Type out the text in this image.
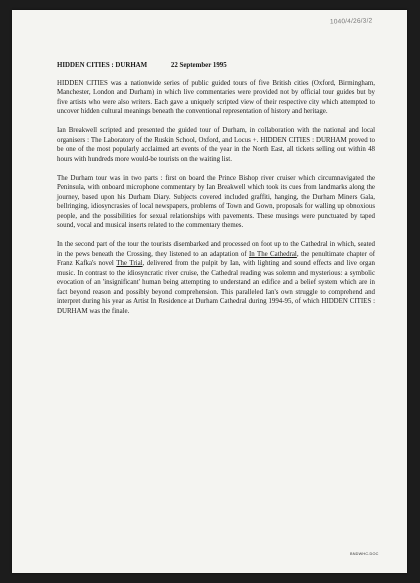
1040/4/26/3/2
HIDDEN CITIES : DURHAM	22 September 1995

HIDDEN CITIES was a nationwide series of public guided tours of five British cities (Oxford, Birmingham, Manchester, London and Durham) in which live commentaries were provided not by official tour guides but by five artists who were also writers. Each gave a uniquely scripted view of their respective city which attempted to uncover hidden cultural meanings beneath the conventional representation of history and heritage.

Ian Breakwell scripted and presented the guided tour of Durham, in collaboration with the national and local organisers : The Laboratory of the Ruskin School, Oxford, and Locus +. HIDDEN CITIES : DURHAM proved to be one of the most popularly acclaimed art events of the year in the North East, all tickets selling out within 48 hours with hundreds more would-be tourists on the waiting list.

The Durham tour was in two parts : first on board the Prince Bishop river cruiser which circumnavigated the Peninsula, with onboard microphone commentary by Ian Breakwell which took its cues from landmarks along the journey, based upon his Durham Diary. Subjects covered included graffiti, hanging, the Durham Miners Gala, bellringing, idiosyncrasies of local newspapers, problems of Town and Gown, proposals for walling up obnoxious people, and the possibilities for sexual relationships with pavements. These musings were punctuated by taped sound, vocal and musical inserts related to the commentary themes.

In the second part of the tour the tourists disembarked and processed on foot up to the Cathedral in which, seated in the pews beneath the Crossing, they listened to an adaptation of In The Cathedral, the penultimate chapter of Franz Kafka's novel The Trial, delivered from the pulpit by Ian, with lighting and sound effects and live organ music. In contrast to the idiosyncratic river cruise, the Cathedral reading was solemn and mysterious: a symbolic evocation of an 'insignificant' human being attempting to understand an edifice and a belief system which are in fact beyond reason and possibly beyond comprehension. This paralleled Ian's own struggle to comprehend and interpret during his year as Artist In Residence at Durham Cathedral during 1994-95, of which HIDDEN CITIES : DURHAM was the finale.

BNDWHC.DOC
